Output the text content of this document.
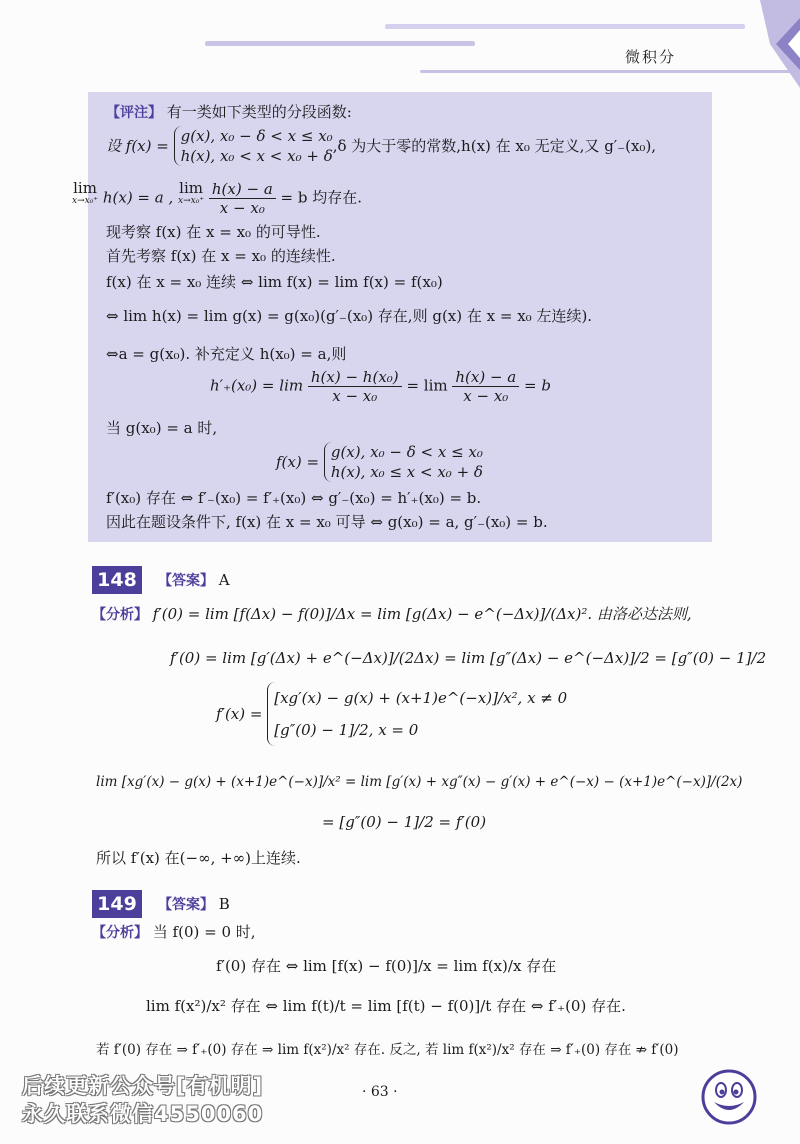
微积分
【评注】 有一类如下类型的分段函数:
设 f(x) =
g(x), x₀ − δ < x ≤ x₀
h(x), x₀ < x < x₀ + δ
,δ 为大于零的常数,h(x) 在 x₀ 无定义,又 g′₋(x₀),
lim
x→x₀⁺ h(x) = a , lim
x→x₀⁺
$\frac{h(x) - a}{\text{x − x₀}} = b$ 均存在.
现考察 f(x) 在 x = x₀ 的可导性.
首先考察 f(x) 在 x = x₀ 的连续性.
f(x) 在 x = x₀ 连续 ⇔ lim f(x) = lim f(x) = f(x₀)
⇔ lim h(x) = lim g(x) = g(x₀)(g′₋(x₀) 存在,则 g(x) 在 x = x₀ 左连续).
⇔a = g(x₀). 补充定义 h(x₀) = a,则
$h'_+(x_0) = \lim \frac{\text{h(x) − h(x₀)}}{\text{x − x₀}} = \lim \frac{h(x) - a}{\text{x − x₀}} = b$
当 g(x₀) = a 时,
f(x) =
g(x), x₀ − δ < x ≤ x₀
h(x), x₀ ≤ x < x₀ + δ
f′(x₀) 存在 ⇔ f′₋(x₀) = f′₊(x₀) ⇔ g′₋(x₀) = h′₊(x₀) = b.
因此在题设条件下, f(x) 在 x = x₀ 可导 ⇔ g(x₀) = a, g′₋(x₀) = b.
148	【答案】 A
【分析】 f′(0) = lim [f(Δx) − f(0)]/Δx = lim [g(Δx) − e^(−Δx)]/(Δx)². 由洛必达法则,
f′(0) = lim [g′(Δx) + e^(−Δx)]/(2Δx) = lim [g″(Δx) − e^(−Δx)]/2 = [g″(0) − 1]/2
f′(x) =
[xg′(x) − g(x) + (x+1)e^(−x)]/x², x ≠ 0
[g″(0) − 1]/2, x = 0
lim [xg′(x) − g(x) + (x+1)e^(−x)]/x² = lim [g′(x) + xg″(x) − g′(x) + e^(−x) − (x+1)e^(−x)]/(2x)
= [g″(0) − 1]/2 = f′(0)
所以 f′(x) 在(−∞, +∞)上连续.
149	【答案】 B
【分析】 当 f(0) = 0 时,
f′(0) 存在 ⇔ lim [f(x) − f(0)]/x = lim f(x)/x 存在
lim f(x²)/x² 存在 ⇔ lim f(t)/t = lim [f(t) − f(0)]/t 存在 ⇔ f′₊(0) 存在.
若 f′(0) 存在 ⇒ f′₊(0) 存在 ⇒ lim f(x²)/x² 存在. 反之, 若 lim f(x²)/x² 存在 ⇒ f′₊(0) 存在 ⇏ f′(0)
后续更新公众号[有机明]
永久联系微信4550060
· 63 ·
